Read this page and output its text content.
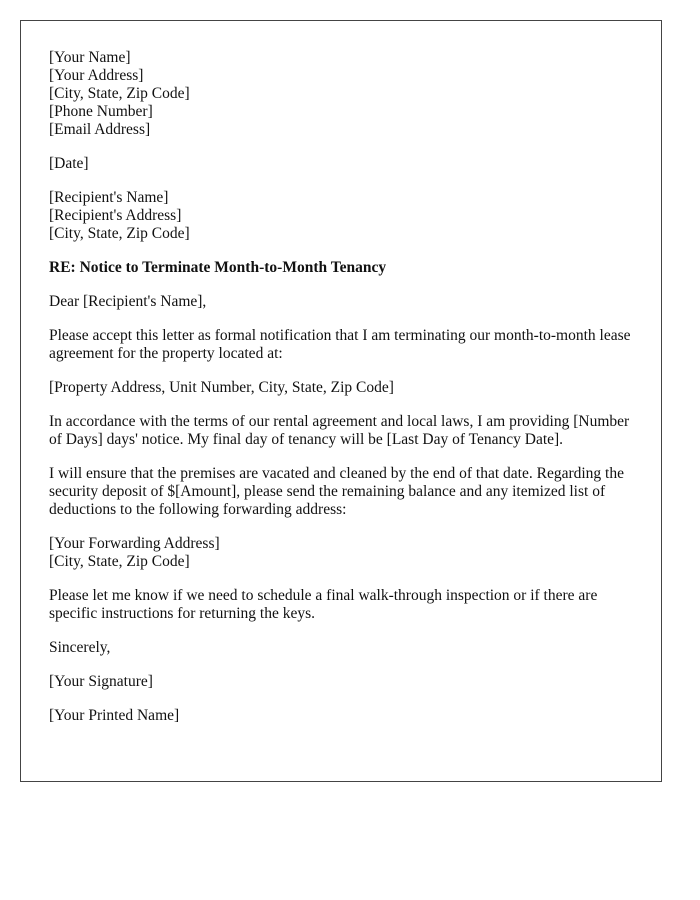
[Your Name]
[Your Address]
[City, State, Zip Code]
[Phone Number]
[Email Address]
[Date]
[Recipient's Name]
[Recipient's Address]
[City, State, Zip Code]
RE: Notice to Terminate Month-to-Month Tenancy
Dear [Recipient's Name],
Please accept this letter as formal notification that I am terminating our month-to-month lease agreement for the property located at:
[Property Address, Unit Number, City, State, Zip Code]
In accordance with the terms of our rental agreement and local laws, I am providing [Number of Days] days' notice. My final day of tenancy will be [Last Day of Tenancy Date].
I will ensure that the premises are vacated and cleaned by the end of that date. Regarding the security deposit of $[Amount], please send the remaining balance and any itemized list of deductions to the following forwarding address:
[Your Forwarding Address]
[City, State, Zip Code]
Please let me know if we need to schedule a final walk-through inspection or if there are specific instructions for returning the keys.
Sincerely,
[Your Signature]
[Your Printed Name]
